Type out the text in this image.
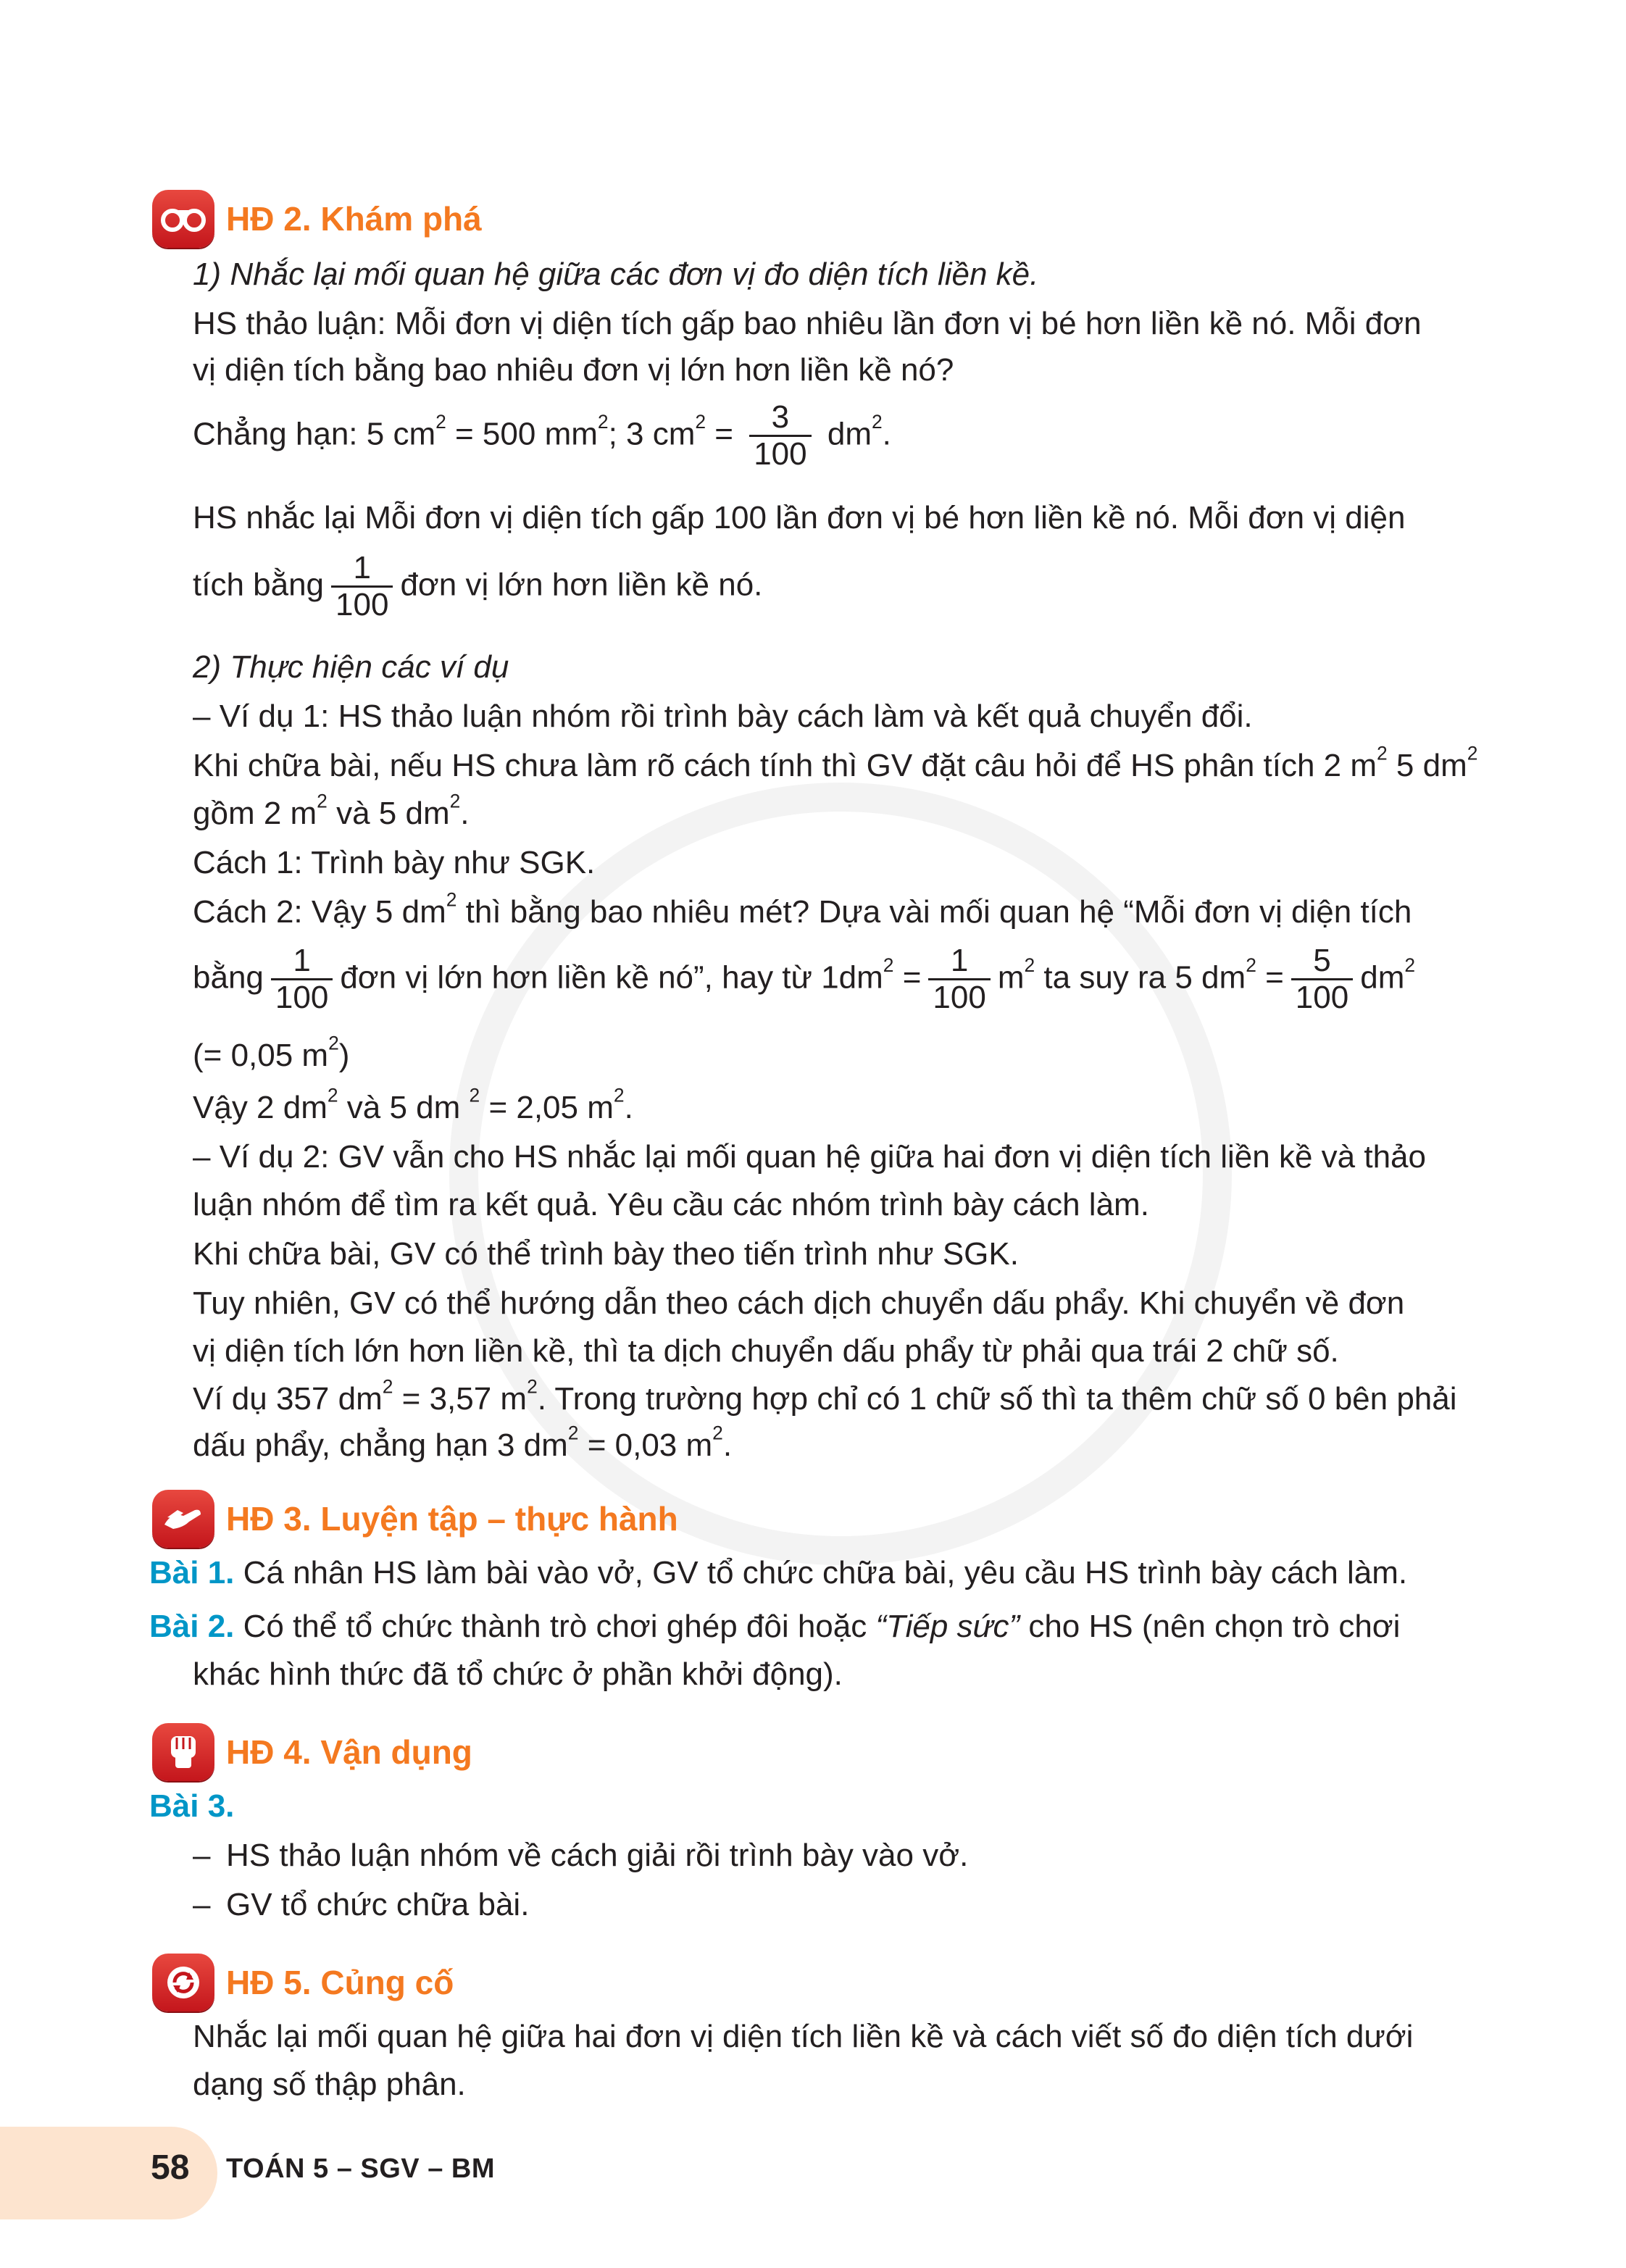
HĐ 2. Khám phá
1) Nhắc lại mối quan hệ giữa các đơn vị đo diện tích liền kề.
HS thảo luận: Mỗi đơn vị diện tích gấp bao nhiêu lần đơn vị bé hơn liền kề nó. Mỗi đơn
vị diện tích bằng bao nhiêu đơn vị lớn hơn liền kề nó?
Chẳng hạn: 5 $cm^2 = 500$ $mm^2$; 3 $cm^2 = \frac{3}{100} dm^2$.
HS nhắc lại Mỗi đơn vị diện tích gấp 100 lần đơn vị bé hơn liền kề nó. Mỗi đơn vị diện
tích bằng $\frac{1}{100}$ đơn vị lớn hơn liền kề nó.
2) Thực hiện các ví dụ
– Ví dụ 1: HS thảo luận nhóm rồi trình bày cách làm và kết quả chuyển đổi.
Khi chữa bài, nếu HS chưa làm rõ cách tính thì GV đặt câu hỏi để HS phân tích 2 $m^2$ 5 $dm^2$
gồm 2 $m^2$ và 5 $dm^2$.
Cách 1: Trình bày như SGK.
Cách 2: Vậy 5 $dm^2$ thì bằng bao nhiêu mét? Dựa vài mối quan hệ “Mỗi đơn vị diện tích
bằng $\frac{1}{100}$ đơn vị lớn hơn liền kề nó”, hay từ $1dm^2 = \frac{1}{100} m^2$ ta suy ra 5 $dm^2 = \frac{5}{100} dm^2$
(= 0,05 $m^2$)
Vậy 2 $dm^2$ và 5 dm $^2$ = 2,05 $m^2$.
– Ví dụ 2: GV vẫn cho HS nhắc lại mối quan hệ giữa hai đơn vị diện tích liền kề và thảo
luận nhóm để tìm ra kết quả. Yêu cầu các nhóm trình bày cách làm.
Khi chữa bài, GV có thể trình bày theo tiến trình như SGK.
Tuy nhiên, GV có thể hướng dẫn theo cách dịch chuyển dấu phẩy. Khi chuyển về đơn
vị diện tích lớn hơn liền kề, thì ta dịch chuyển dấu phẩy từ phải qua trái 2 chữ số.
Ví dụ 357 $dm^2 = 3,57$ $m^2$. Trong trường hợp chỉ có 1 chữ số thì ta thêm chữ số 0 bên phải
dấu phẩy, chẳng hạn 3 $dm^2 = 0,03$ $m^2$.
HĐ 3. Luyện tập – thực hành
Bài 1. Cá nhân HS làm bài vào vở, GV tổ chức chữa bài, yêu cầu HS trình bày cách làm.
Bài 2. Có thể tổ chức thành trò chơi ghép đôi hoặc “Tiếp sức” cho HS (nên chọn trò chơi
khác hình thức đã tổ chức ở phần khởi động).
HĐ 4. Vận dụng
Bài 3.
– HS thảo luận nhóm về cách giải rồi trình bày vào vở.
– GV tổ chức chữa bài.
HĐ 5. Củng cố
Nhắc lại mối quan hệ giữa hai đơn vị diện tích liền kề và cách viết số đo diện tích dưới
dạng số thập phân.
58 TOÁN 5 – SGV – BM
